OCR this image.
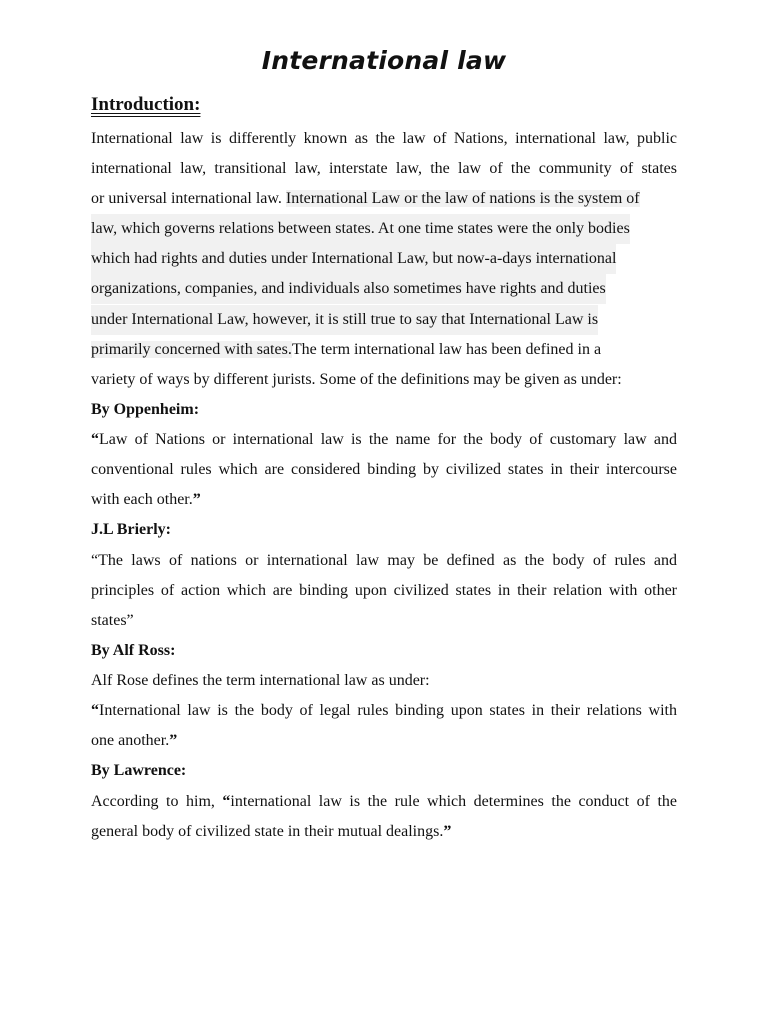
International law
Introduction:
International law is differently known as the law of Nations, international law, public
international law, transitional law, interstate law, the law of the community of states
or universal international law. International Law or the law of nations is the system of
law, which governs relations between states. At one time states were the only bodies
which had rights and duties under International Law, but now-a-days international
organizations, companies, and individuals also sometimes have rights and duties
under International Law, however, it is still true to say that International Law is
primarily concerned with sates.The term international law has been defined in a
variety of ways by different jurists. Some of the definitions may be given as under:
By Oppenheim:
“Law of Nations or international law is the name for the body of customary law and
conventional rules which are considered binding by civilized states in their intercourse
with each other.”
J.L Brierly:
“The laws of nations or international law may be defined as the body of rules and
principles of action which are binding upon civilized states in their relation with other
states”
By Alf Ross:
Alf Rose defines the term international law as under:
“International law is the body of legal rules binding upon states in their relations with
one another.”
By Lawrence:
According to him, “international law is the rule which determines the conduct of the
general body of civilized state in their mutual dealings.”
